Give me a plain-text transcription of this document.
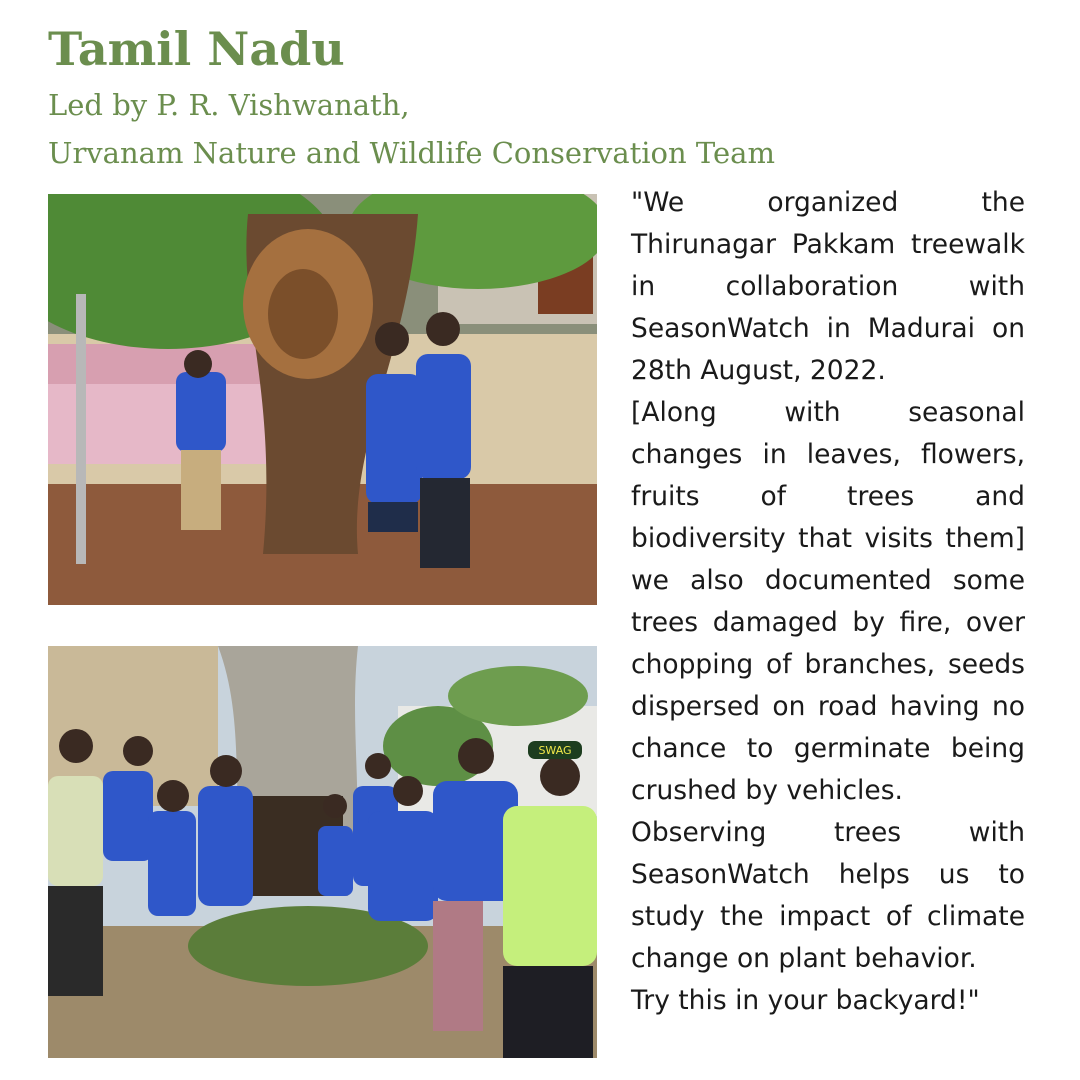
Tamil Nadu
Led by P. R. Vishwanath,
Urvanam Nature and Wildlife Conservation Team
SWAG

"We organized the Thirunagar Pakkam treewalk in collaboration with SeasonWatch in Madurai on 28th August, 2022.

[Along with seasonal changes in leaves, flowers, fruits of trees and biodiversity that visits them] we also documented some trees damaged by fire, over chopping of branches, seeds dispersed on road having no chance to germinate being crushed by vehicles.

Observing trees with SeasonWatch helps us to study the impact of climate change on plant behavior.

Try this in your backyard!"
